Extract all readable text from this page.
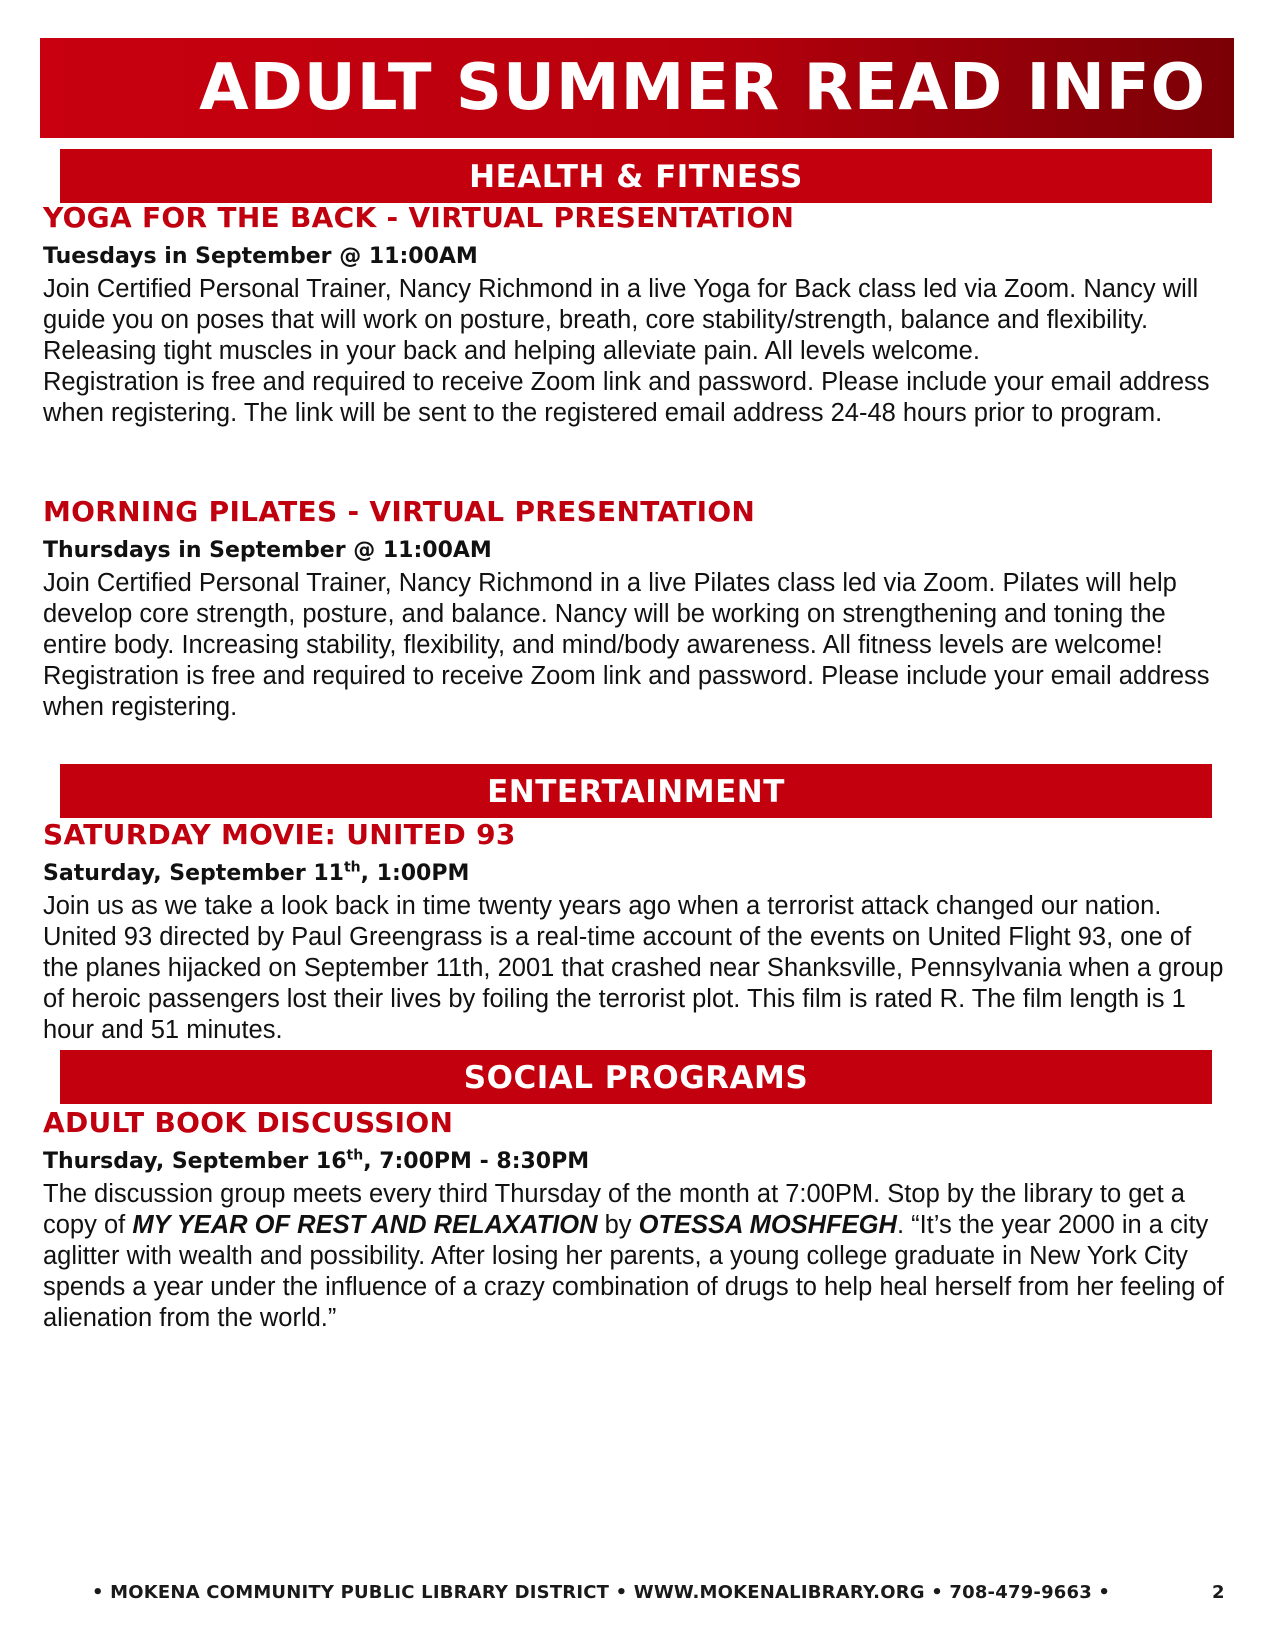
ADULT SUMMER READ INFO
HEALTH & FITNESS
YOGA FOR THE BACK - VIRTUAL PRESENTATION
Tuesdays in September @ 11:00AM

Join Certified Personal Trainer, Nancy Richmond in a live Yoga for Back class led via Zoom. Nancy will guide you on poses that will work on posture, breath, core stability/strength, balance and flexibility. Releasing tight muscles in your back and helping alleviate pain. All levels welcome.

Registration is free and required to receive Zoom link and password. Please include your email address when registering. The link will be sent to the registered email address 24-48 hours prior to program.

MORNING PILATES - VIRTUAL PRESENTATION
Thursdays in September @ 11:00AM

Join Certified Personal Trainer, Nancy Richmond in a live Pilates class led via Zoom. Pilates will help develop core strength, posture, and balance. Nancy will be working on strengthening and toning the entire body. Increasing stability, flexibility, and mind/body awareness. All fitness levels are welcome!

Registration is free and required to receive Zoom link and password. Please include your email address when registering.

ENTERTAINMENT
SATURDAY MOVIE: UNITED 93
Saturday, September 11th, 1:00PM

Join us as we take a look back in time twenty years ago when a terrorist attack changed our nation. United 93 directed by Paul Greengrass is a real-time account of the events on United Flight 93, one of the planes hijacked on September 11th, 2001 that crashed near Shanksville, Pennsylvania when a group of heroic passengers lost their lives by foiling the terrorist plot. This film is rated R. The film length is 1 hour and 51 minutes.

SOCIAL PROGRAMS
ADULT BOOK DISCUSSION
Thursday, September 16th, 7:00PM - 8:30PM

The discussion group meets every third Thursday of the month at 7:00PM. Stop by the library to get a copy of MY YEAR OF REST AND RELAXATION by OTESSA MOSHFEGH. “It’s the year 2000 in a city aglitter with wealth and possibility. After losing her parents, a young college graduate in New York City spends a year under the influence of a crazy combination of drugs to help heal herself from her feeling of alienation from the world.”

• MOKENA COMMUNITY PUBLIC LIBRARY DISTRICT • WWW.MOKENALIBRARY.ORG • 708-479-9663 •	2
